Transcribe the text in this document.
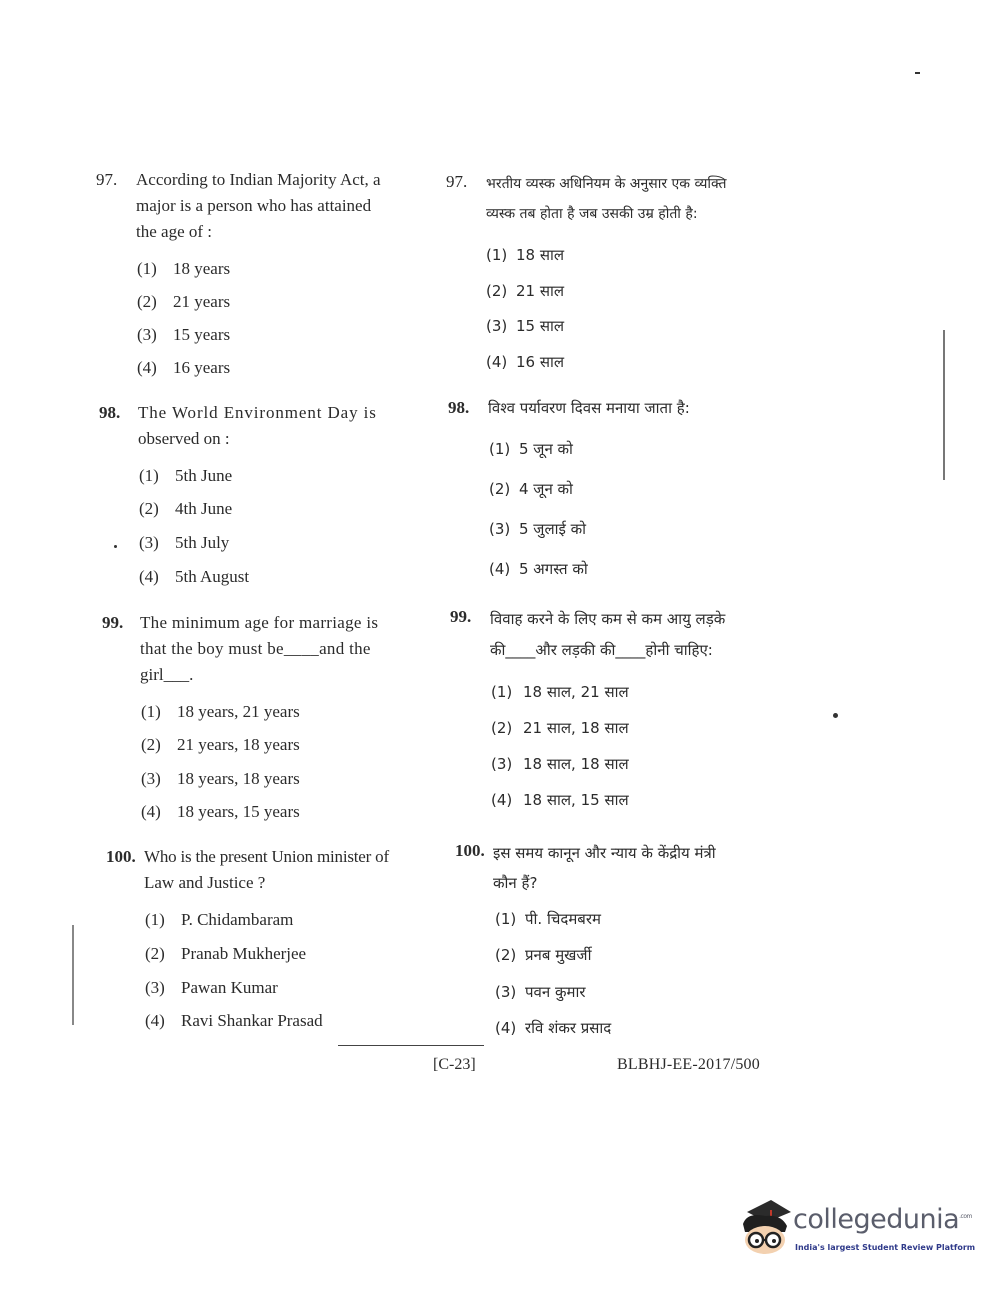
97. According to Indian Majority Act, a
major is a person who has attained
the age of :
(1) 18 years
(2) 21 years
(3) 15 years
(4) 16 years
98. The World Environment Day is
observed on :
(1) 5th June
(2) 4th June
(3) 5th July
(4) 5th August
99. The minimum age for marriage is
that the boy must be____and the
girl___.
(1) 18 years, 21 years
(2) 21 years, 18 years
(3) 18 years, 18 years
(4) 18 years, 15 years
100. Who is the present Union minister of
Law and Justice ?
(1) P. Chidambaram
(2) Pranab Mukherjee
(3) Pawan Kumar
(4) Ravi Shankar Prasad
97. भरतीय व्यस्क अधिनियम के अनुसार एक व्यक्ति
व्यस्क तब होता है जब उसकी उम्र होती है:
(1) 18 साल
(2) 21 साल
(3) 15 साल
(4) 16 साल
98. विश्व पर्यावरण दिवस मनाया जाता है:
(1) 5 जून को
(2) 4 जून को
(3) 5 जुलाई को
(4) 5 अगस्त को
99. विवाह करने के लिए कम से कम आयु लड़के
की____और लड़की की____होनी चाहिए:
(1) 18 साल, 21 साल
(2) 21 साल, 18 साल
(3) 18 साल, 18 साल
(4) 18 साल, 15 साल
100. इस समय कानून और न्याय के केंद्रीय मंत्री
कौन हैं?
(1) पी. चिदमबरम
(2) प्रनब मुखर्जी
(3) पवन कुमार
(4) रवि शंकर प्रसाद
[C-23]	BLBHJ-EE-2017/500
collegedunia$^{.com}$
India's largest Student Review Platform
